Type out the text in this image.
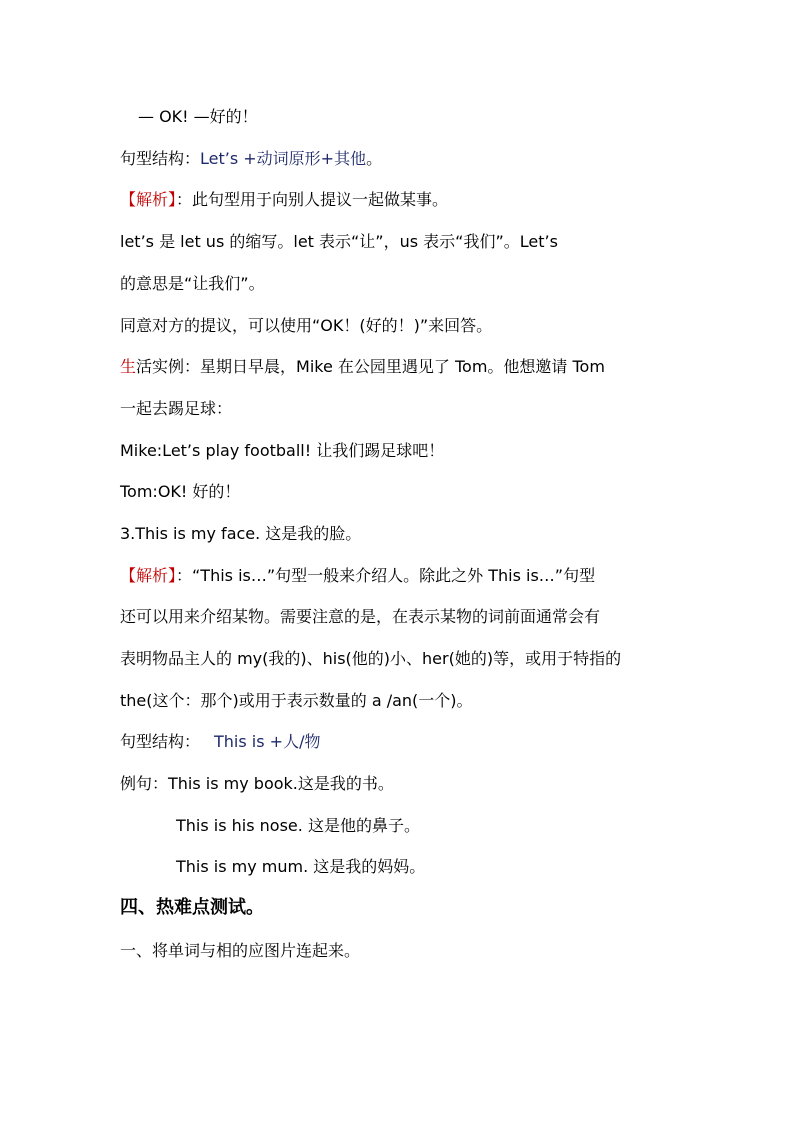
— OK! —好的！
句型结构：Let’s +动词原形+其他。
【解析】：此句型用于向别人提议一起做某事。
let’s 是 let us 的缩写。let 表示“让”，us 表示“我们”。Let’s
的意思是“让我们”。
同意对方的提议，可以使用“OK！(好的！)”来回答。
生活实例：星期日早晨，Mike 在公园里遇见了 Tom。他想邀请 Tom
一起去踢足球：
Mike:Let’s play football! 让我们踢足球吧！
Tom:OK! 好的！
3.This is my face. 这是我的脸。
【解析】：“This is…”句型一般来介绍人。除此之外 This is…”句型
还可以用来介绍某物。需要注意的是，在表示某物的词前面通常会有
表明物品主人的 my(我的)、his(他的)小、her(她的)等，或用于特指的
the(这个：那个)或用于表示数量的 a /an(一个)。
句型结构： This is +人/物
例句：This is my book.这是我的书。
This is his nose. 这是他的鼻子。
This is my mum. 这是我的妈妈。
四、热难点测试。
一、将单词与相的应图片连起来。
